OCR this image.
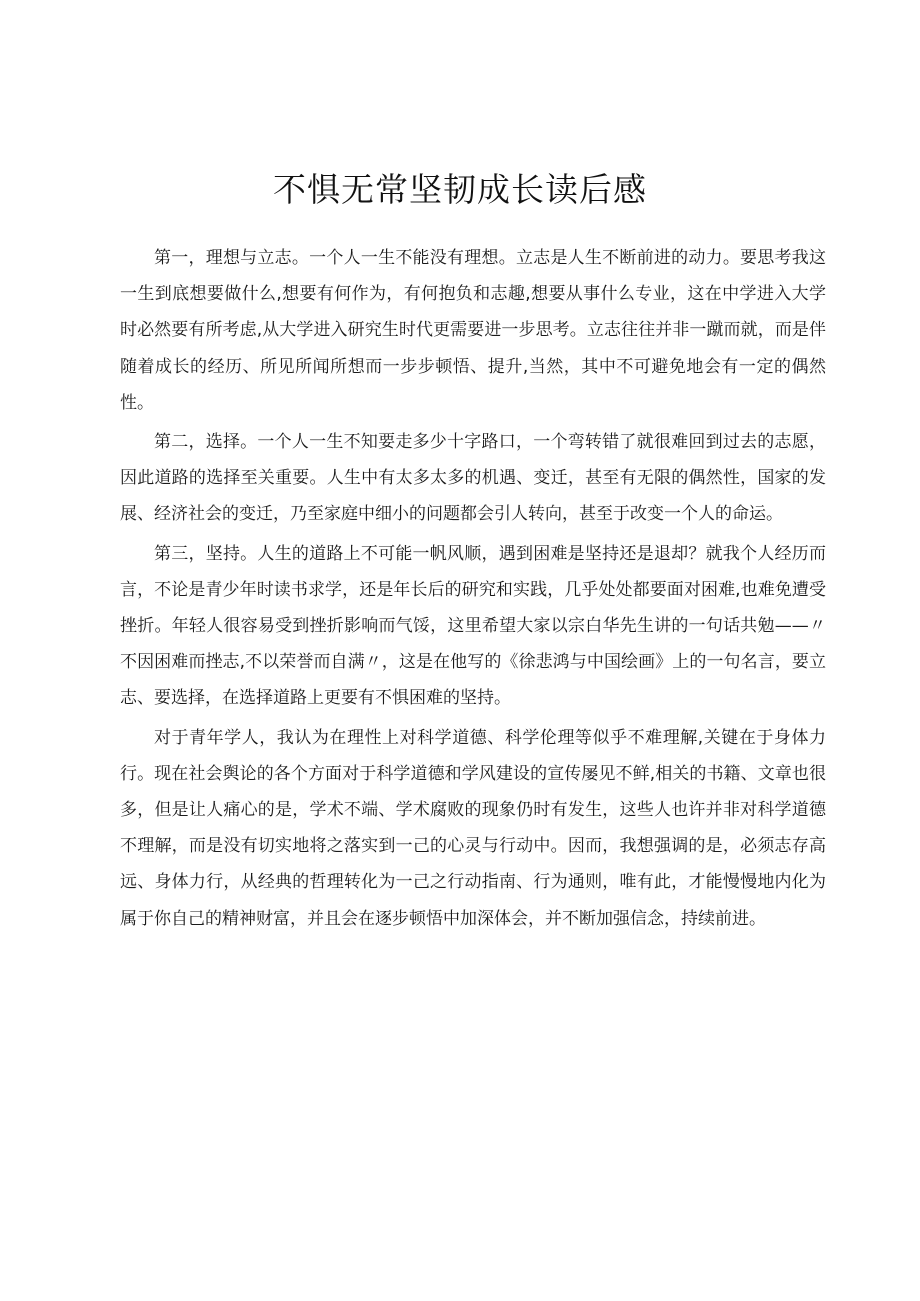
不惧无常坚韧成长读后感

第一，理想与立志。一个人一生不能没有理想。立志是人生不断前进的动力。要思考我这一生到底想要做什么,想要有何作为，有何抱负和志趣,想要从事什么专业，这在中学进入大学时必然要有所考虑,从大学进入研究生时代更需要进一步思考。立志往往并非一蹴而就，而是伴随着成长的经历、所见所闻所想而一步步顿悟、提升,当然，其中不可避免地会有一定的偶然性。

第二，选择。一个人一生不知要走多少十字路口，一个弯转错了就很难回到过去的志愿，因此道路的选择至关重要。人生中有太多太多的机遇、变迁，甚至有无限的偶然性，国家的发展、经济社会的变迁，乃至家庭中细小的问题都会引人转向，甚至于改变一个人的命运。

第三，坚持。人生的道路上不可能一帆风顺，遇到困难是坚持还是退却？就我个人经历而言，不论是青少年时读书求学，还是年长后的研究和实践，几乎处处都要面对困难,也难免遭受挫折。年轻人很容易受到挫折影响而气馁，这里希望大家以宗白华先生讲的一句话共勉——〃不因困难而挫志,不以荣誉而自满〃，这是在他写的《徐悲鸿与中国绘画》上的一句名言，要立志、要选择，在选择道路上更要有不惧困难的坚持。

对于青年学人，我认为在理性上对科学道德、科学伦理等似乎不难理解,关键在于身体力行。现在社会舆论的各个方面对于科学道德和学风建设的宣传屡见不鲜,相关的书籍、文章也很多，但是让人痛心的是，学术不端、学术腐败的现象仍时有发生，这些人也许并非对科学道德不理解，而是没有切实地将之落实到一己的心灵与行动中。因而，我想强调的是，必须志存高远、身体力行，从经典的哲理转化为一己之行动指南、行为通则，唯有此，才能慢慢地内化为属于你自己的精神财富，并且会在逐步顿悟中加深体会，并不断加强信念，持续前进。
